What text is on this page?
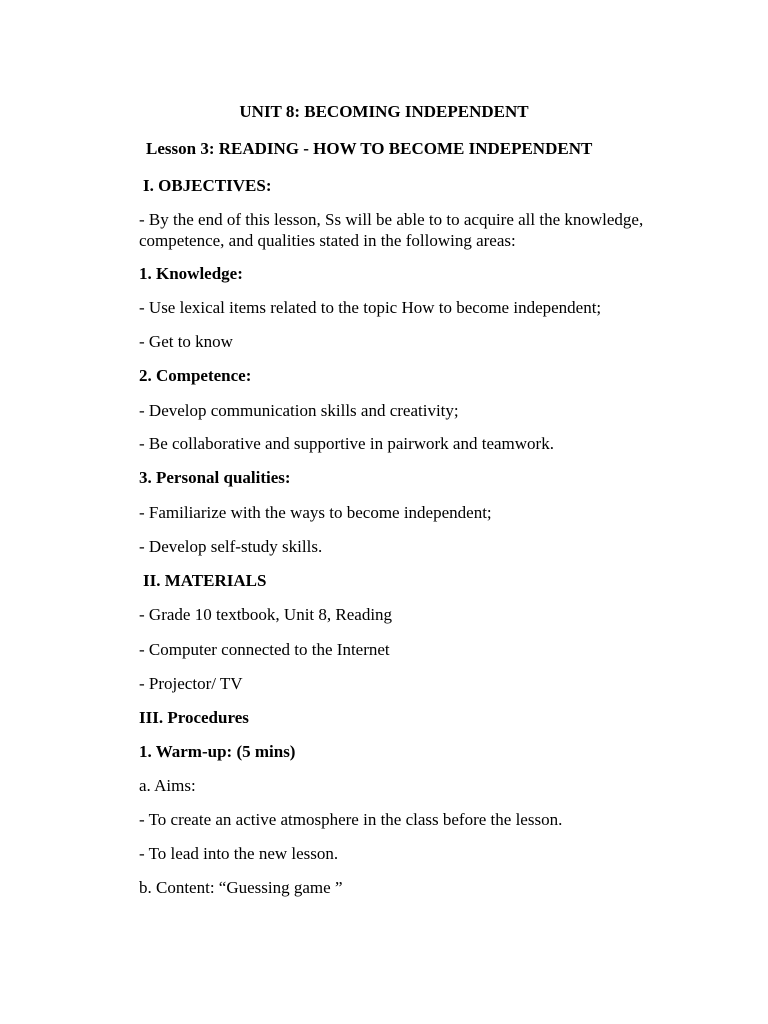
UNIT 8: BECOMING INDEPENDENT
Lesson 3: READING - HOW TO BECOME INDEPENDENT
I. OBJECTIVES:
- By the end of this lesson, Ss will be able to to acquire all the knowledge, competence, and qualities stated in the following areas:
1. Knowledge:
- Use lexical items related to the topic How to become independent;
- Get to know
2. Competence:
- Develop communication skills and creativity;
- Be collaborative and supportive in pairwork and teamwork.
3. Personal qualities:
- Familiarize with the ways to become independent;
- Develop self-study skills.
II. MATERIALS
- Grade 10 textbook, Unit 8, Reading
- Computer connected to the Internet
- Projector/ TV
III. Procedures
1. Warm-up: (5 mins)
a. Aims:
- To create an active atmosphere in the class before the lesson.
- To lead into the new lesson.
b. Content: “Guessing game ”
